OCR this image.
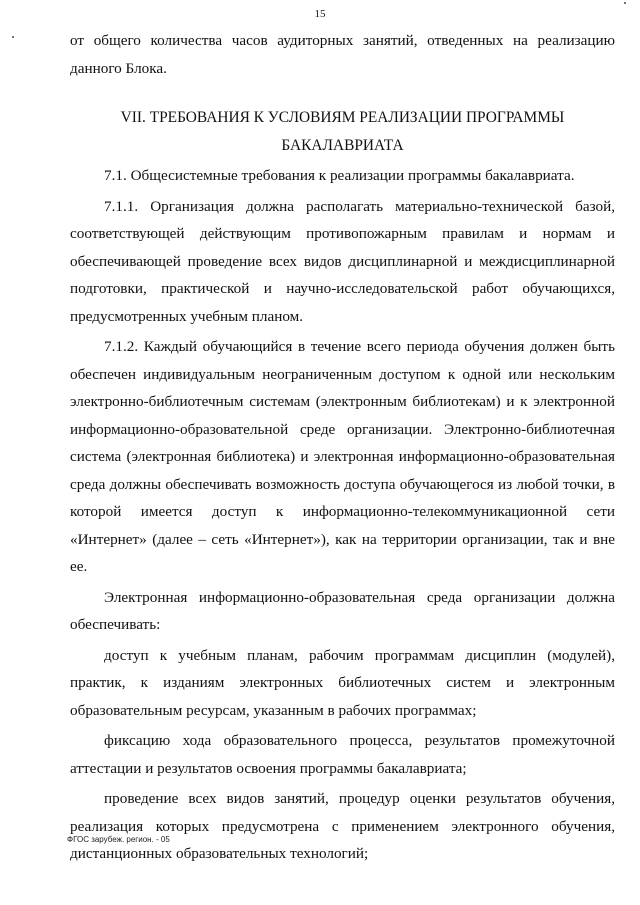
15

от общего количества часов аудиторных занятий, отведенных на реализацию данного Блока.

VII. ТРЕБОВАНИЯ К УСЛОВИЯМ РЕАЛИЗАЦИИ ПРОГРАММЫ

БАКАЛАВРИАТА

7.1. Общесистемные требования к реализации программы бакалавриата.

7.1.1. Организация должна располагать материально-технической базой, соответствующей действующим противопожарным правилам и нормам и обеспечивающей проведение всех видов дисциплинарной и междисциплинарной подготовки, практической и научно-исследовательской работ обучающихся, предусмотренных учебным планом.

7.1.2. Каждый обучающийся в течение всего периода обучения должен быть обеспечен индивидуальным неограниченным доступом к одной или нескольким электронно-библиотечным системам (электронным библиотекам) и к электронной информационно-образовательной среде организации. Электронно-библиотечная система (электронная библиотека) и электронная информационно-образовательная среда должны обеспечивать возможность доступа обучающегося из любой точки, в которой имеется доступ к информационно-телекоммуникационной сети «Интернет» (далее – сеть «Интернет»), как на территории организации, так и вне ее.

Электронная информационно-образовательная среда организации должна обеспечивать:

доступ к учебным планам, рабочим программам дисциплин (модулей), практик, к изданиям электронных библиотечных систем и электронным образовательным ресурсам, указанным в рабочих программах;

фиксацию хода образовательного процесса, результатов промежуточной аттестации и результатов освоения программы бакалавриата;

проведение всех видов занятий, процедур оценки результатов обучения, реализация которых предусмотрена с применением электронного обучения, дистанционных образовательных технологий;

ФГОС зарубеж. регион. - 05
